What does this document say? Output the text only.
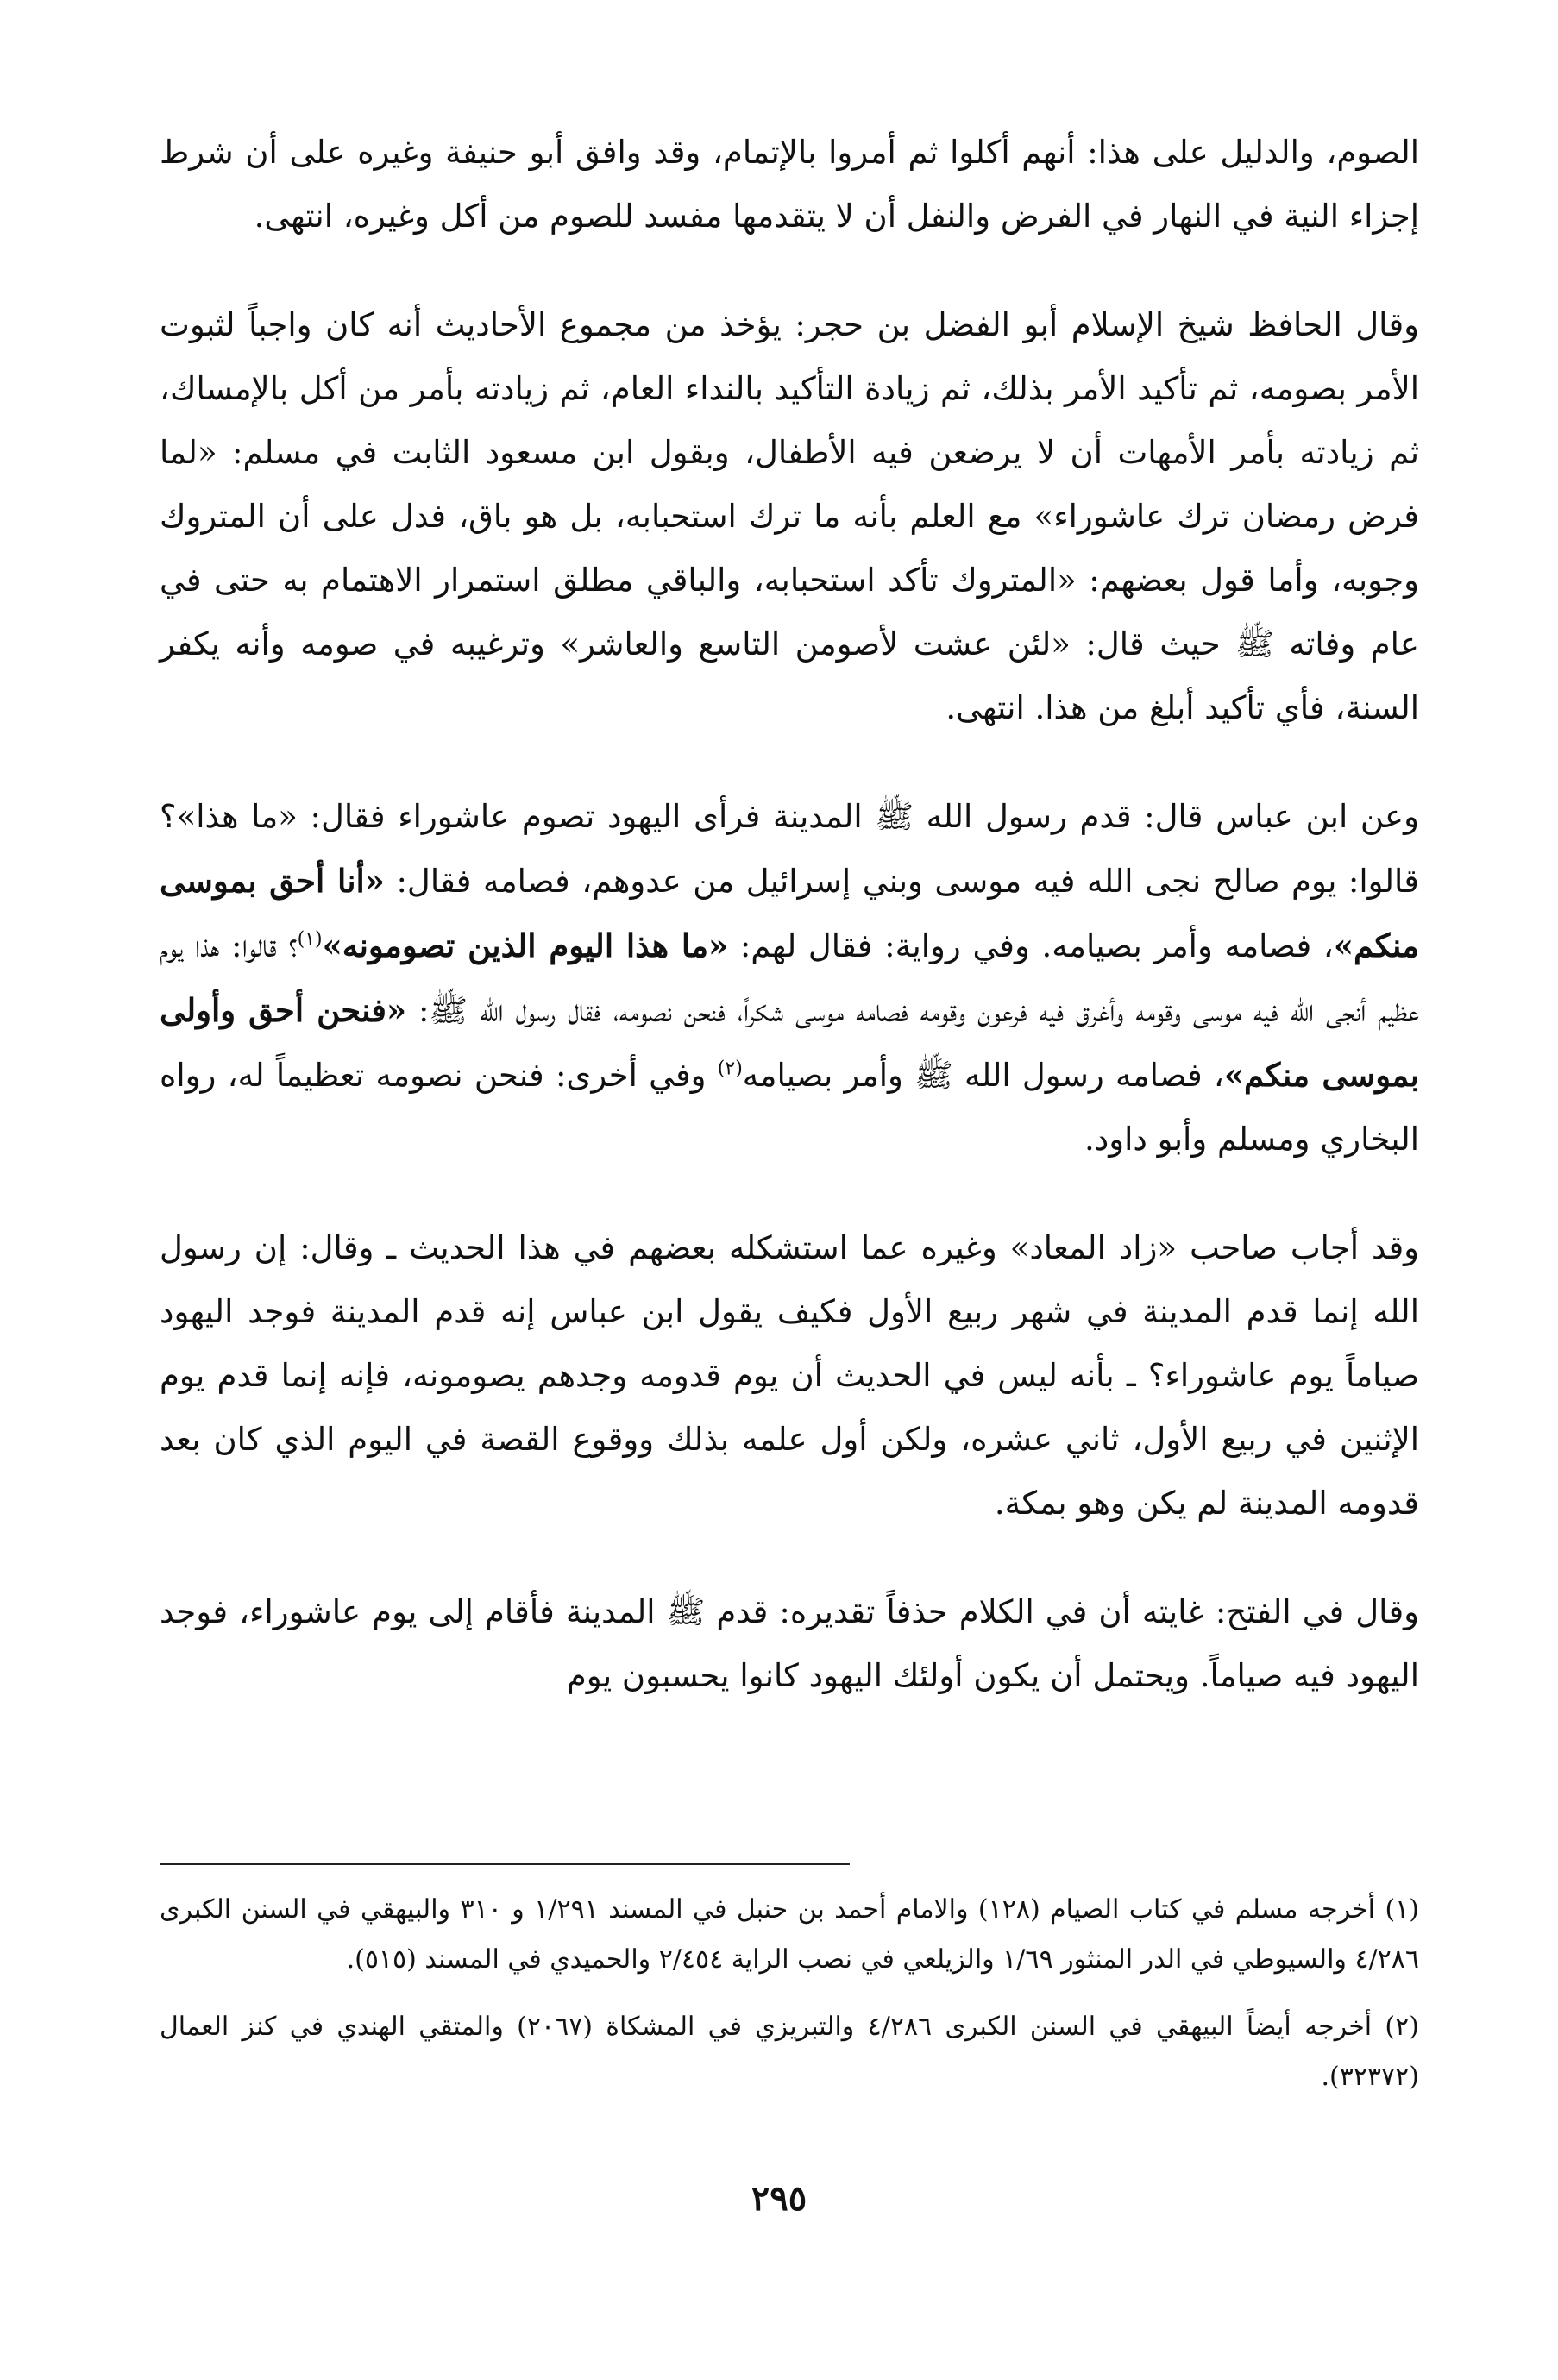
الصوم، والدليل على هذا: أنهم أكلوا ثم أمروا بالإتمام، وقد وافق أبو حنيفة وغيره على أن شرط إجزاء النية في النهار في الفرض والنفل أن لا يتقدمها مفسد للصوم من أكل وغيره، انتهى.

وقال الحافظ شيخ الإسلام أبو الفضل بن حجر: يؤخذ من مجموع الأحاديث أنه كان واجباً لثبوت الأمر بصومه، ثم تأكيد الأمر بذلك، ثم زيادة التأكيد بالنداء العام، ثم زيادته بأمر من أكل بالإمساك، ثم زيادته بأمر الأمهات أن لا يرضعن فيه الأطفال، وبقول ابن مسعود الثابت في مسلم: «لما فرض رمضان ترك عاشوراء» مع العلم بأنه ما ترك استحبابه، بل هو باق، فدل على أن المتروك وجوبه، وأما قول بعضهم: «المتروك تأكد استحبابه، والباقي مطلق استمرار الاهتمام به حتى في عام وفاته ﷺ حيث قال: «لئن عشت لأصومن التاسع والعاشر» وترغيبه في صومه وأنه يكفر السنة، فأي تأكيد أبلغ من هذا. انتهى.

وعن ابن عباس قال: قدم رسول الله ﷺ المدينة فرأى اليهود تصوم عاشوراء فقال: «ما هذا»؟ قالوا: يوم صالح نجى الله فيه موسى وبني إسرائيل من عدوهم، فصامه فقال: «أنا أحق بموسى منكم»، فصامه وأمر بصيامه. وفي رواية: فقال لهم: «ما هذا اليوم الذين تصومونه»$^{(١)}$؟ قالوا: هذا يوم عظيم أنجى الله فيه موسى وقومه وأغرق فيه فرعون وقومه فصامه موسى شكراً، فنحن نصومه، فقال رسول الله ﷺ: «فنحن أحق وأولى بموسى منكم»، فصامه رسول الله ﷺ وأمر بصيامه$^{(٢)}$ وفي أخرى: فنحن نصومه تعظيماً له، رواه البخاري ومسلم وأبو داود.

وقد أجاب صاحب «زاد المعاد» وغيره عما استشكله بعضهم في هذا الحديث ـ وقال: إن رسول الله إنما قدم المدينة في شهر ربيع الأول فكيف يقول ابن عباس إنه قدم المدينة فوجد اليهود صياماً يوم عاشوراء؟ ـ بأنه ليس في الحديث أن يوم قدومه وجدهم يصومونه، فإنه إنما قدم يوم الإثنين في ربيع الأول، ثاني عشره، ولكن أول علمه بذلك ووقوع القصة في اليوم الذي كان بعد قدومه المدينة لم يكن وهو بمكة.

وقال في الفتح: غايته أن في الكلام حذفاً تقديره: قدم ﷺ المدينة فأقام إلى يوم عاشوراء، فوجد اليهود فيه صياماً. ويحتمل أن يكون أولئك اليهود كانوا يحسبون يوم

(١) أخرجه مسلم في كتاب الصيام (١٢٨) والامام أحمد بن حنبل في المسند ١/٢٩١ و ٣١٠ والبيهقي في السنن الكبرى ٤/٢٨٦ والسيوطي في الدر المنثور ١/٦٩ والزيلعي في نصب الراية ٢/٤٥٤ والحميدي في المسند (٥١٥).

(٢) أخرجه أيضاً البيهقي في السنن الكبرى ٤/٢٨٦ والتبريزي في المشكاة (٢٠٦٧) والمتقي الهندي في كنز العمال (٣٢٣٧٢).

٢٩٥
